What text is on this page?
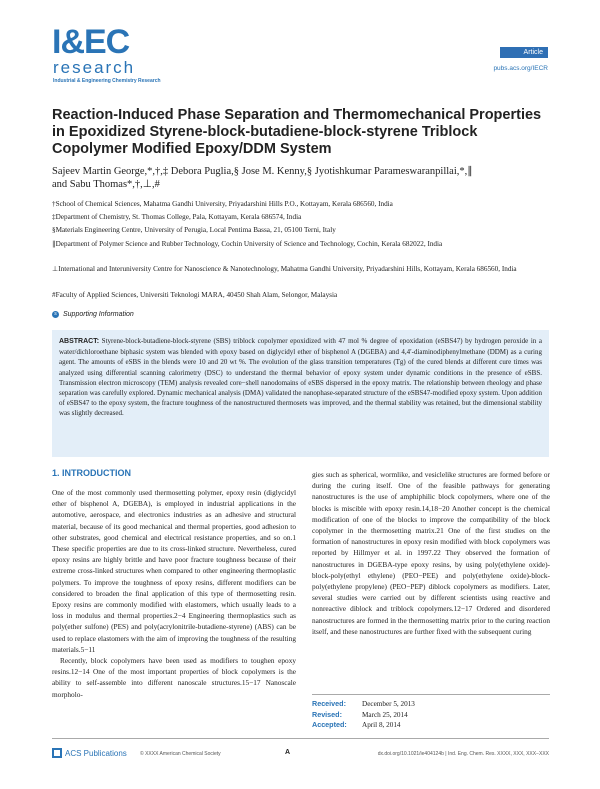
I&EC
research
Industrial & Engineering Chemistry Research
Article
pubs.acs.org/IECR
Reaction-Induced Phase Separation and Thermomechanical Properties in Epoxidized Styrene-block-butadiene-block-styrene Triblock Copolymer Modified Epoxy/DDM System
Sajeev Martin George,*,†,‡ Debora Puglia,§ Jose M. Kenny,§ Jyotishkumar Parameswaranpillai,*,∥
and Sabu Thomas*,†,⊥,#
†School of Chemical Sciences, Mahatma Gandhi University, Priyadarshini Hills P.O., Kottayam, Kerala 686560, India
‡Department of Chemistry, St. Thomas College, Pala, Kottayam, Kerala 686574, India
§Materials Engineering Centre, University of Perugia, Local Pentima Bassa, 21, 05100 Terni, Italy
∥Department of Polymer Science and Rubber Technology, Cochin University of Science and Technology, Cochin, Kerala 682022, India
⊥International and Interuniversity Centre for Nanoscience & Nanotechnology, Mahatma Gandhi University, Priyadarshini Hills, Kottayam, Kerala 686560, India
#Faculty of Applied Sciences, Universiti Teknologi MARA, 40450 Shah Alam, Selongor, Malaysia
s Supporting Information
ABSTRACT: Styrene-block-butadiene-block-styrene (SBS) triblock copolymer epoxidized with 47 mol % degree of epoxidation (eSBS47) by hydrogen peroxide in a water/dichloroethane biphasic system was blended with epoxy based on diglycidyl ether of bisphenol A (DGEBA) and 4,4′-diaminodiphenylmethane (DDM) as a curing agent. The amounts of eSBS in the blends were 10 and 20 wt %. The evolution of the glass transition temperatures (Tg) of the cured blends at different cure times was analyzed using differential scanning calorimetry (DSC) to understand the thermal behavior of epoxy system under dynamic conditions in the presence of eSBS. Transmission electron microscopy (TEM) analysis revealed core−shell nanodomains of eSBS dispersed in the epoxy matrix. The relationship between rheology and phase separation was carefully explored. Dynamic mechanical analysis (DMA) validated the nanophase-separated structure of the eSBS47-modified epoxy system. Upon addition of eSBS47 to the epoxy system, the fracture toughness of the nanostructured thermosets was improved, and the thermal stability was retained, but the dimensional stability was slightly decreased.
1. INTRODUCTION

One of the most commonly used thermosetting polymer, epoxy resin (diglycidyl ether of bisphenol A, DGEBA), is employed in industrial applications in the automotive, aerospace, and electronics industries as an adhesive and structural material, because of its good mechanical and thermal properties, good adhesion to other substrates, good chemical and electrical resistance properties, and so on.1 These specific properties are due to its cross-linked structure. Nevertheless, cured epoxy resins are highly brittle and have poor fracture toughness because of their extreme cross-linked structures when compared to other engineering thermoplastic polymers. To improve the toughness of epoxy resins, different modifiers can be considered to broaden the final application of this type of thermosetting resin. Epoxy resins are commonly modified with elastomers, which usually leads to a loss in modulus and thermal properties.2−4 Engineering thermoplastics such as poly(ether sulfone) (PES) and poly(acrylonitrile-butadiene-styrene) (ABS) can be used to replace elastomers with the aim of improving the toughness of the resulting materials.5−11

Recently, block copolymers have been used as modifiers to toughen epoxy resins.12−14 One of the most important properties of block copolymers is the ability to self-assemble into different nanoscale structures.15−17 Nanoscale morpholo-

gies such as spherical, wormlike, and vesiclelike structures are formed before or during the curing itself. One of the feasible pathways for generating nanostructures is the use of amphiphilic block copolymers, where one of the blocks is miscible with epoxy resin.14,18−20 Another concept is the chemical modification of one of the blocks to improve the compatibility of the block copolymer in the thermosetting matrix.21 One of the first studies on the formation of nanostructures in epoxy resin modified with block copolymers was reported by Hillmyer et al. in 1997.22 They observed the formation of nanostructures in DGEBA-type epoxy resins, by using poly(ethylene oxide)-block-poly(ethyl ethylene) (PEO−PEE) and poly(ethylene oxide)-block-poly(ethylene propylene) (PEO−PEP) diblock copolymers as modifiers. Later, several studies were carried out by different scientists using reactive and nonreactive diblock and triblock copolymers.12−17 Ordered and disordered nanostructures are formed in the thermosetting matrix prior to the curing reaction itself, and these nanostructures are further fixed with the subsequent curing

Received:	December 5, 2013
Revised:	March 25, 2014
Accepted:	April 8, 2014
ACS Publications	© XXXX American Chemical Society	A	dx.doi.org/10.1021/ie404124b | Ind. Eng. Chem. Res. XXXX, XXX, XXX−XXX
